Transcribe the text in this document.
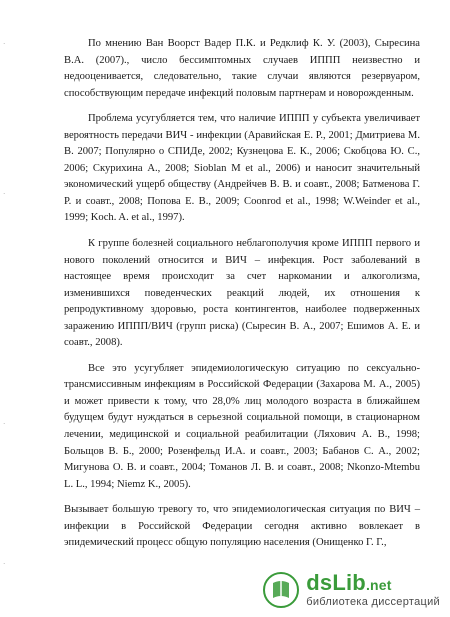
·
·
·
·

По мнению Ван Воорст Вадер П.К. и Редклиф К. У. (2003), Сыресина В.А. (2007)., число бессимптомных случаев ИППП неизвестно и недооценивается, следовательно, такие случаи являются резервуаром, способствующим передаче инфекций половым партнерам и новорожденным.

Проблема усугубляется тем, что наличие ИППП у субъекта увеличивает вероятность передачи ВИЧ - инфекции (Аравийская Е. Р., 2001; Дмитриева М. В. 2007; Популярно о СПИДе, 2002; Кузнецова Е. К., 2006; Скобцова Ю. С., 2006; Скурихина А., 2008; Sioblan M et al., 2006) и наносит значительный экономический ущерб обществу (Андрейчев В. В. и соавт., 2008; Батменова Г. Р. и соавт., 2008; Попова Е. В., 2009; Coonrod et al., 1998; W.Weinder et al., 1999; Koch. A. et al., 1997).

К группе болезней социального неблагополучия кроме ИППП первого и нового поколений относится и ВИЧ – инфекция. Рост заболеваний в настоящее время происходит за счет наркомании и алкоголизма, изменившихся поведенческих реакций людей, их отношения к репродуктивному здоровью, роста контингентов, наиболее подверженных заражению ИППП/ВИЧ (групп риска) (Сыресин В. А., 2007; Ешимов А. Е. и соавт., 2008).

Все это усугубляет эпидемиологическую ситуацию по сексуально-трансмиссивным инфекциям в Российской Федерации (Захарова М. А., 2005) и может привести к тому, что 28,0% лиц молодого возраста в ближайшем будущем будут нуждаться в серьезной социальной помощи, в стационарном лечении, медицинской и социальной реабилитации (Ляхович А. В., 1998; Больщов В. Б., 2000; Розенфельд И.А. и соавт., 2003; Бабанов С. А., 2002; Мигунова О. В. и соавт., 2004; Томанов Л. В. и соавт., 2008; Nkonzo-Mtembu L. L., 1994; Niemz K., 2005).

Вызывает большую тревогу то, что эпидемиологическая ситуация по ВИЧ – инфекции в Российской Федерации сегодня активно вовлекает в эпидемический процесс общую популяцию населения (Онищенко Г. Г.,

dsLib.net
библиотека диссертаций
